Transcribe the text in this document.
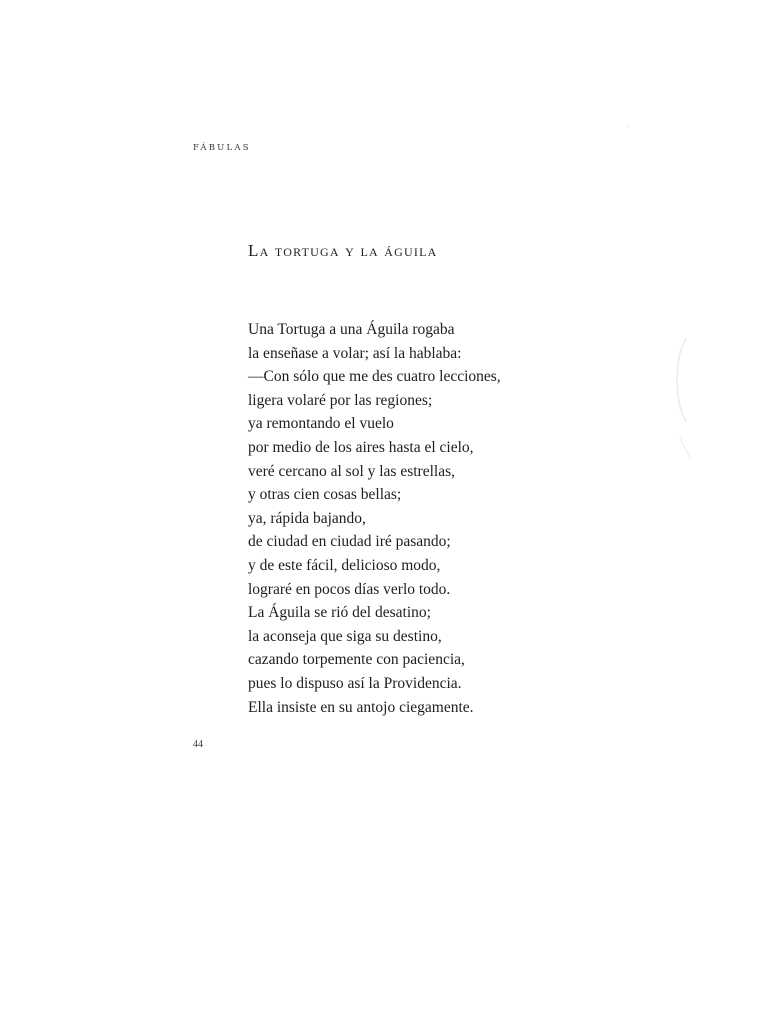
FÁBULAS
La tortuga y la águila
Una Tortuga a una Águila rogaba
la enseñase a volar; así la hablaba:
—Con sólo que me des cuatro lecciones,
ligera volaré por las regiones;
ya remontando el vuelo
por medio de los aires hasta el cielo,
veré cercano al sol y las estrellas,
y otras cien cosas bellas;
ya, rápida bajando,
de ciudad en ciudad iré pasando;
y de este fácil, delicioso modo,
lograré en pocos días verlo todo.
La Águila se rió del desatino;
la aconseja que siga su destino,
cazando torpemente con paciencia,
pues lo dispuso así la Providencia.
Ella insiste en su antojo ciegamente.
44
